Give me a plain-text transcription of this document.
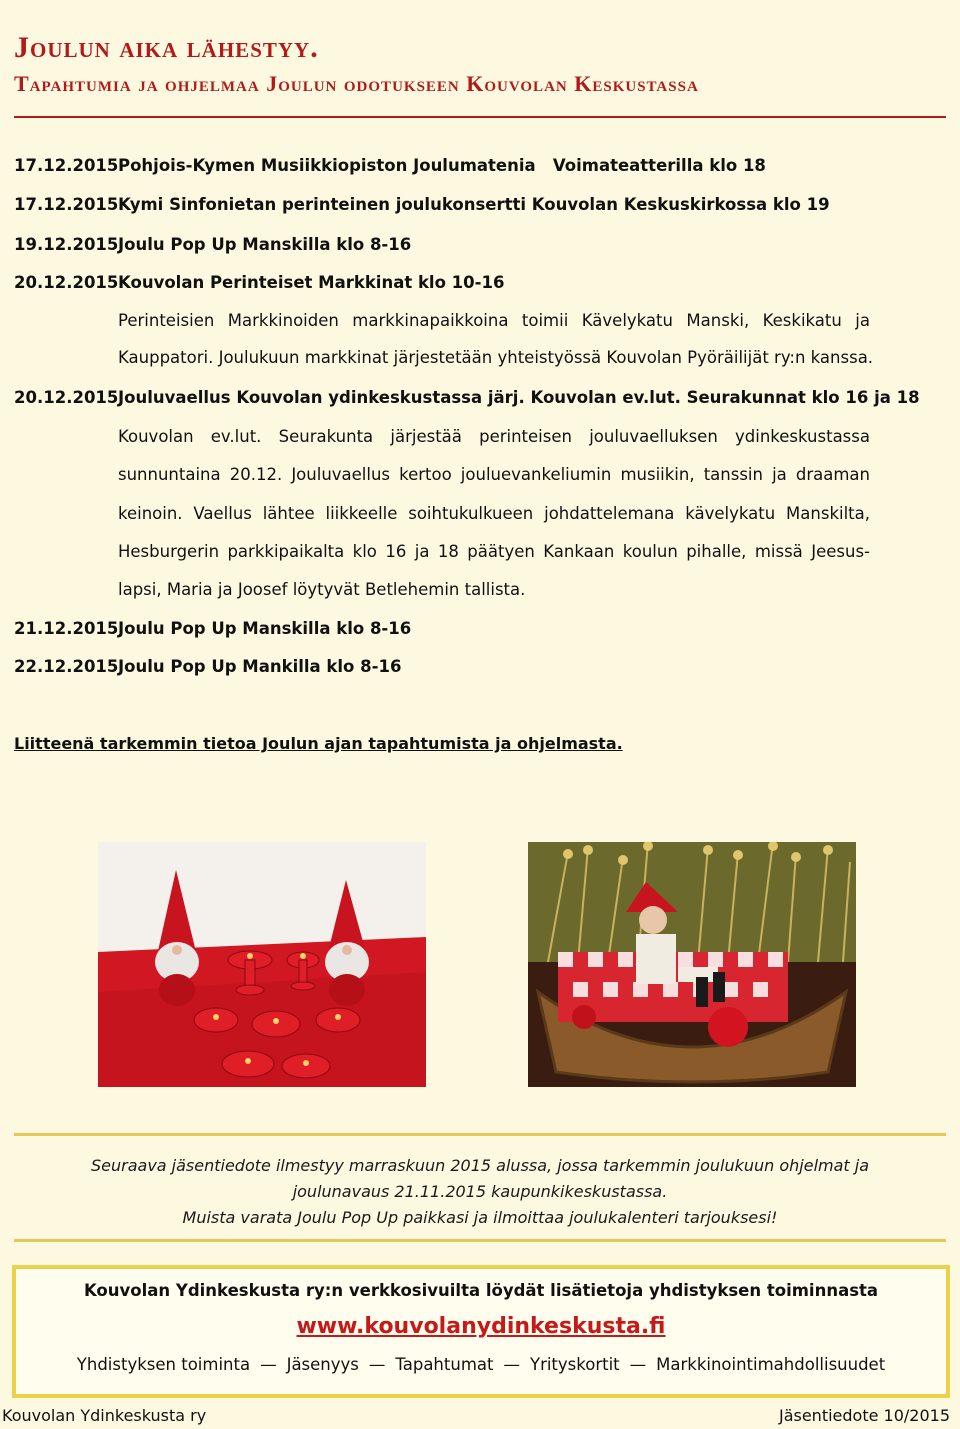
Joulun aika lähestyy.
Tapahtumia ja ohjelmaa Joulun odotukseen Kouvolan Keskustassa
17.12.2015Pohjois-Kymen Musiikkiopiston Joulumatenia   Voimateatterilla klo 18
17.12.2015Kymi Sinfonietan perinteinen joulukonsertti Kouvolan Keskuskirkossa klo 19
19.12.2015Joulu Pop Up Manskilla klo 8-16
20.12.2015Kouvolan Perinteiset Markkinat klo 10-16
Perinteisien Markkinoiden markkinapaikkoina toimii Kävelykatu Manski, Keskikatu ja
Kauppatori. Joulukuun markkinat järjestetään yhteistyössä Kouvolan Pyöräilijät ry:n kanssa.
20.12.2015Jouluvaellus Kouvolan ydinkeskustassa järj. Kouvolan ev.lut. Seurakunnat klo 16 ja 18
Kouvolan ev.lut. Seurakunta järjestää perinteisen jouluvaelluksen ydinkeskustassa
sunnuntaina 20.12. Jouluvaellus kertoo jouluevankeliumin musiikin, tanssin ja draaman
keinoin. Vaellus lähtee liikkeelle soihtukulkueen johdattelemana kävelykatu Manskilta,
Hesburgerin parkkipaikalta klo 16 ja 18 päätyen Kankaan koulun pihalle, missä Jeesus-
lapsi, Maria ja Joosef löytyvät Betlehemin tallista.
21.12.2015Joulu Pop Up Manskilla klo 8-16
22.12.2015Joulu Pop Up Mankilla klo 8-16
Liitteenä tarkemmin tietoa Joulun ajan tapahtumista ja ohjelmasta.

Seuraava jäsentiedote ilmestyy marraskuun 2015 alussa, jossa tarkemmin joulukuun ohjelmat ja

joulunavaus 21.11.2015 kaupunkikeskustassa.

Muista varata Joulu Pop Up paikkasi ja ilmoittaa joulukalenteri tarjouksesi!

Kouvolan Ydinkeskusta ry:n verkkosivuilta löydät lisätietoja yhdistyksen toiminnasta
www.kouvolanydinkeskusta.fi
Yhdistyksen toiminta — Jäsenyys — Tapahtumat — Yrityskortit — Markkinointimahdollisuudet
Kouvolan Ydinkeskusta ry	Jäsentiedote 10/2015
